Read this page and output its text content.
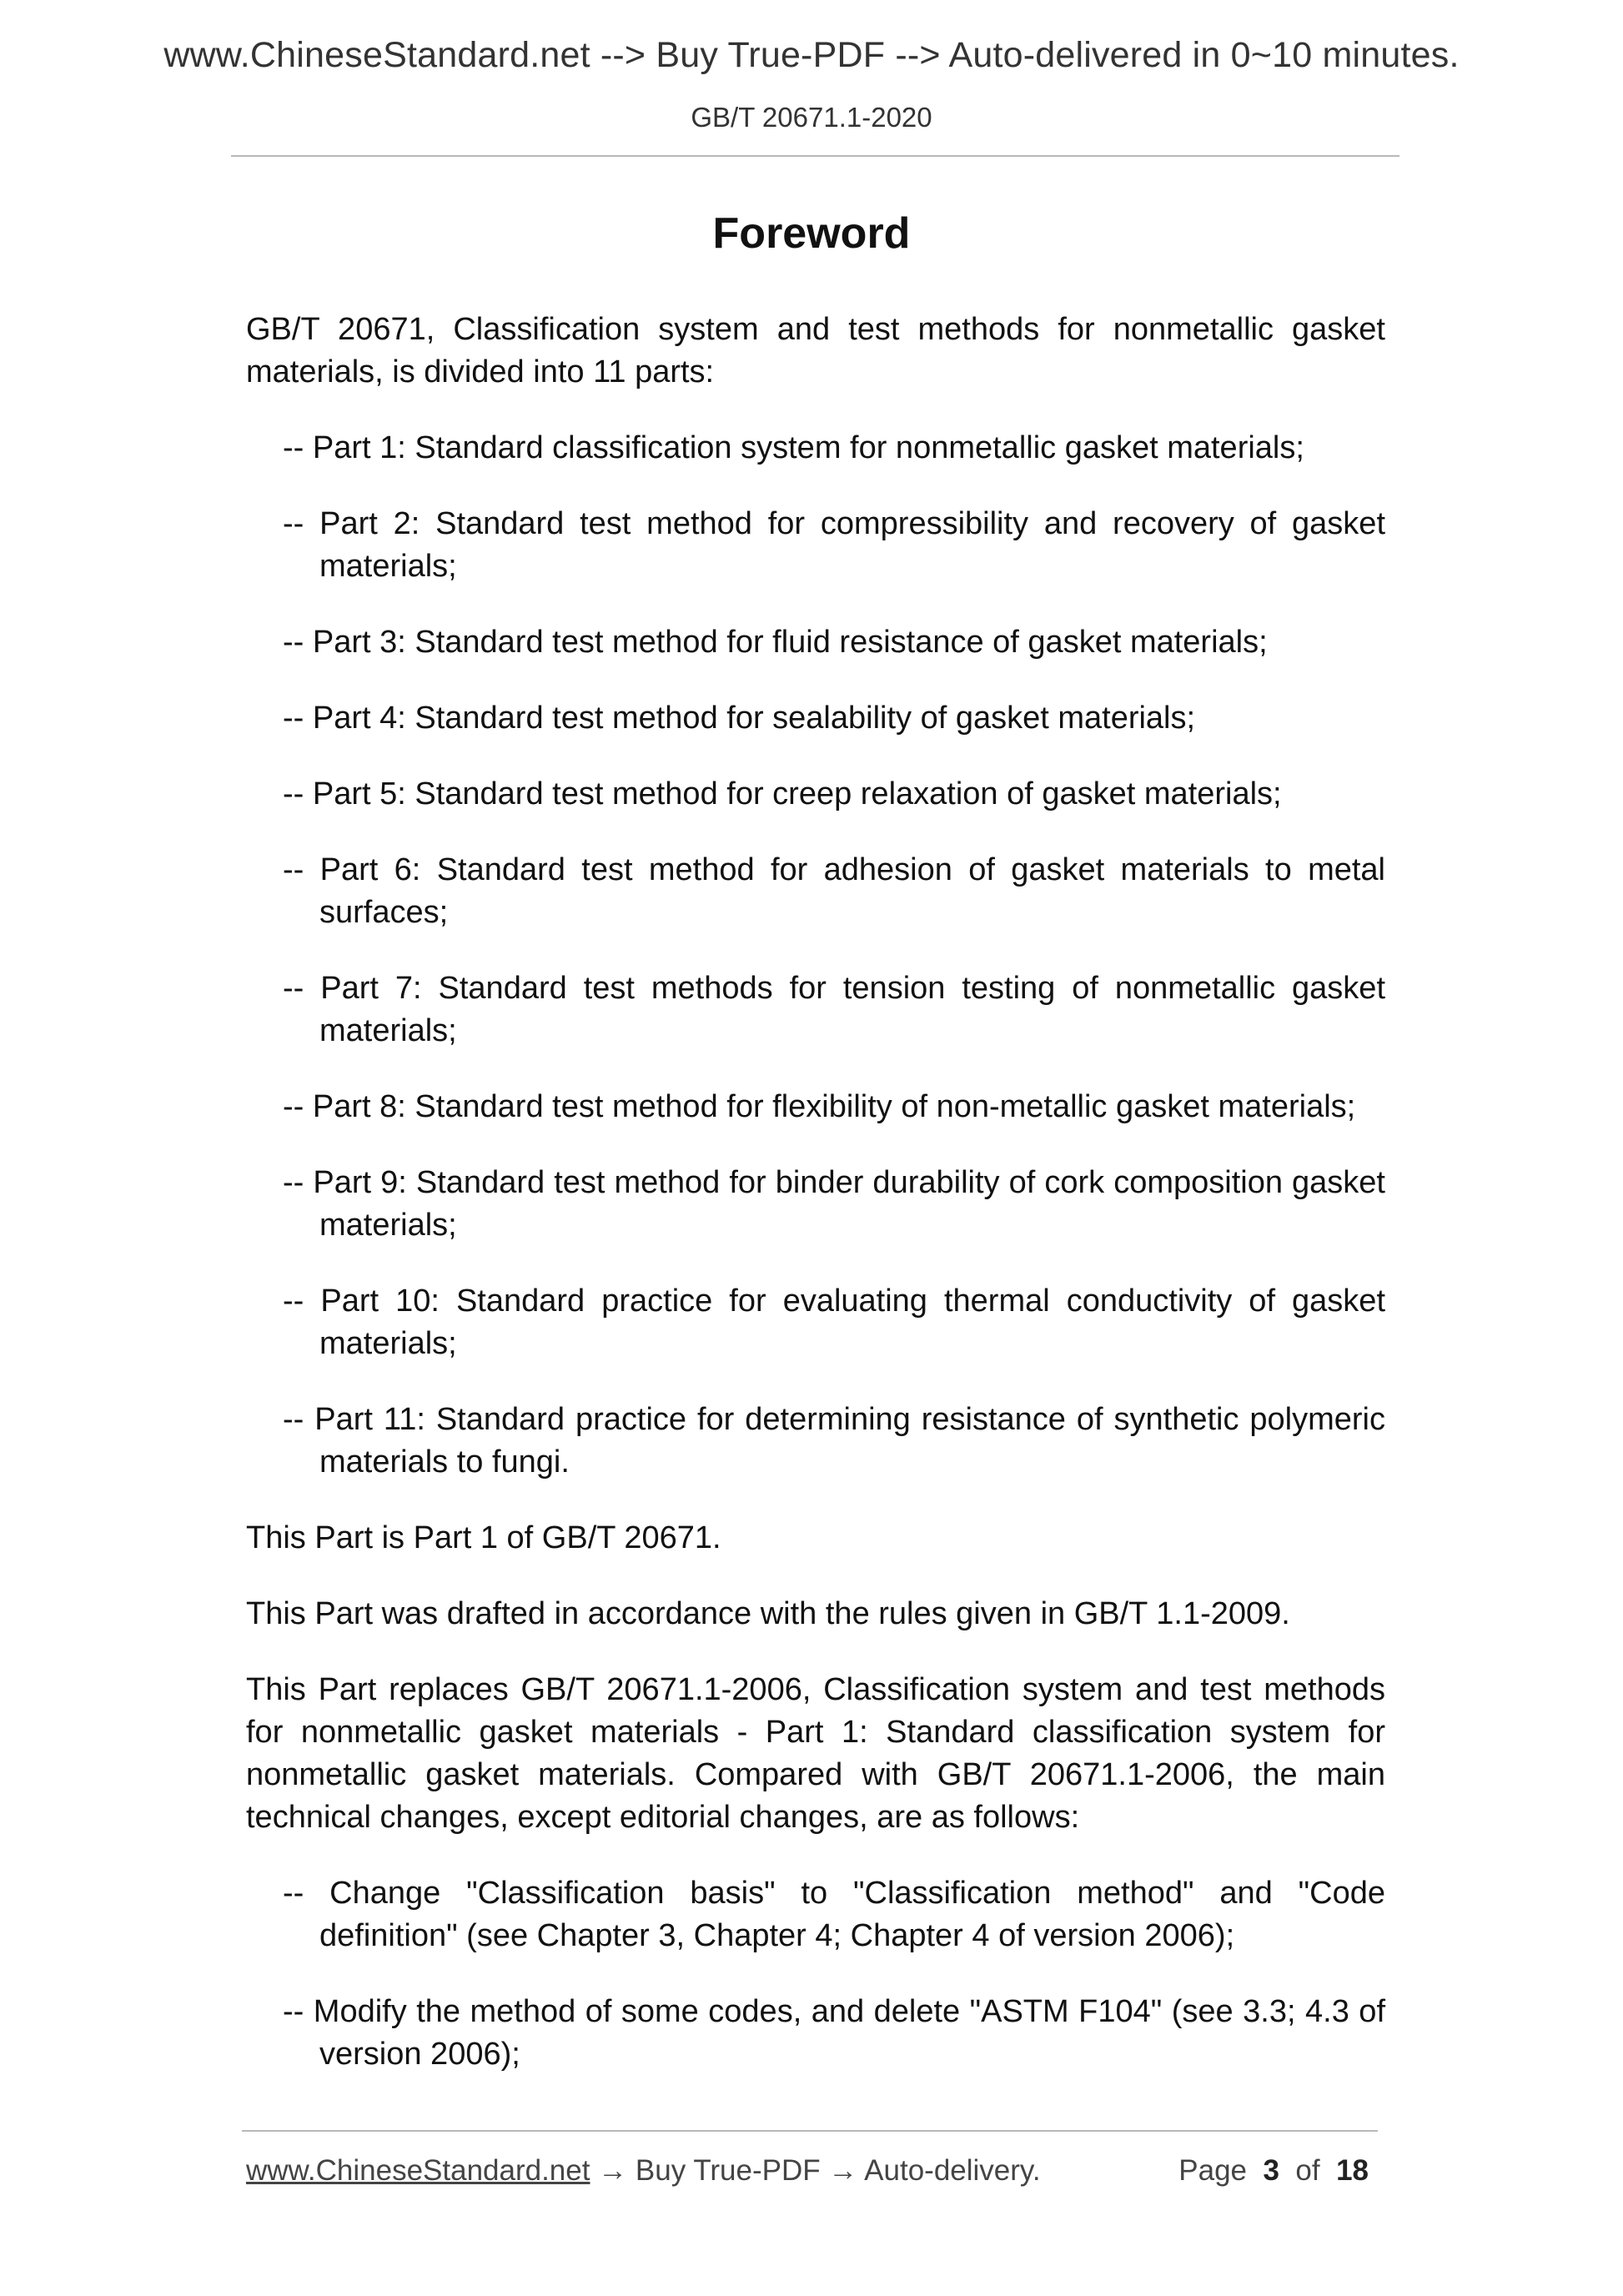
www.ChineseStandard.net --> Buy True-PDF --> Auto-delivered in 0~10 minutes.
GB/T 20671.1-2020
Foreword

GB/T 20671, Classification system and test methods for nonmetallic gasket materials, is divided into 11 parts:

-- Part 1: Standard classification system for nonmetallic gasket materials;

-- Part 2: Standard test method for compressibility and recovery of gasket materials;

-- Part 3: Standard test method for fluid resistance of gasket materials;

-- Part 4: Standard test method for sealability of gasket materials;

-- Part 5: Standard test method for creep relaxation of gasket materials;

-- Part 6: Standard test method for adhesion of gasket materials to metal surfaces;

-- Part 7: Standard test methods for tension testing of nonmetallic gasket materials;

-- Part 8: Standard test method for flexibility of non-metallic gasket materials;

-- Part 9: Standard test method for binder durability of cork composition gasket materials;

-- Part 10: Standard practice for evaluating thermal conductivity of gasket materials;

-- Part 11: Standard practice for determining resistance of synthetic polymeric materials to fungi.

This Part is Part 1 of GB/T 20671.

This Part was drafted in accordance with the rules given in GB/T 1.1-2009.

This Part replaces GB/T 20671.1-2006, Classification system and test methods for nonmetallic gasket materials - Part 1: Standard classification system for nonmetallic gasket materials. Compared with GB/T 20671.1-2006, the main technical changes, except editorial changes, are as follows:

-- Change "Classification basis" to "Classification method" and "Code definition" (see Chapter 3, Chapter 4; Chapter 4 of version 2006);

-- Modify the method of some codes, and delete "ASTM F104" (see 3.3; 4.3 of version 2006);

www.ChineseStandard.net → Buy True-PDF → Auto-delivery.	Page 3 of 18
